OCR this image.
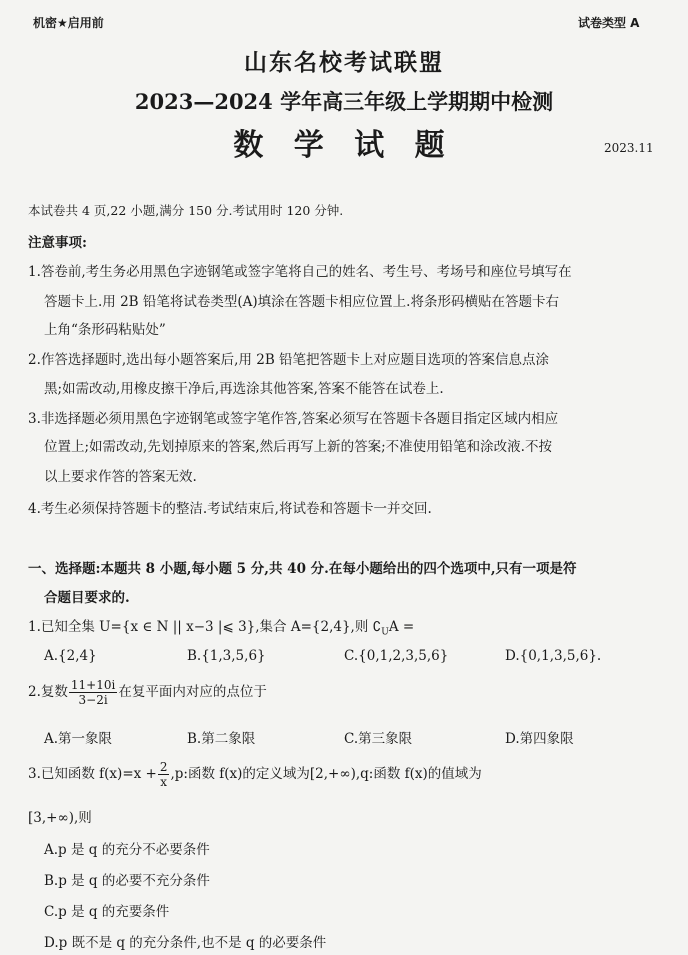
机密★启用前	试卷类型 A
山东名校考试联盟
2023—2024 学年高三年级上学期期中检测
数 学 试 题	2023.11
本试卷共 4 页,22 小题,满分 150 分.考试用时 120 分钟.
注意事项:
1.答卷前,考生务必用黑色字迹钢笔或签字笔将自己的姓名、考生号、考场号和座位号填写在
答题卡上.用 2B 铅笔将试卷类型(A)填涂在答题卡相应位置上.将条形码横贴在答题卡右
上角“条形码粘贴处”
2.作答选择题时,选出每小题答案后,用 2B 铅笔把答题卡上对应题目选项的答案信息点涂
黑;如需改动,用橡皮擦干净后,再选涂其他答案,答案不能答在试卷上.
3.非选择题必须用黑色字迹钢笔或签字笔作答,答案必须写在答题卡各题目指定区域内相应
位置上;如需改动,先划掉原来的答案,然后再写上新的答案;不准使用铅笔和涂改液.不按
以上要求作答的答案无效.
4.考生必须保持答题卡的整洁.考试结束后,将试卷和答题卡一并交回.
一、选择题:本题共 8 小题,每小题 5 分,共 40 分.在每小题给出的四个选项中,只有一项是符
合题目要求的.
1.已知全集 U={x ∈ N || x−3 |⩽ 3},集合 A={2,4},则 $∁_UA$ =
A.{2,4}	B.{1,3,5,6}	C.{0,1,2,3,5,6}	D.{0,1,3,5,6}.
2.复数 $\frac{11+10i}{3-2i}$ 在复平面内对应的点位于
A.第一象限	B.第二象限	C.第三象限	D.第四象限
3.已知函数 $f(x)=x + \frac{2}{x} ,p$:函数 f(x)的定义域为[2,+∞),q:函数 f(x)的值域为
[3,+∞),则
A.p 是 q 的充分不必要条件
B.p 是 q 的必要不充分条件
C.p 是 q 的充要条件
D.p 既不是 q 的充分条件,也不是 q 的必要条件
